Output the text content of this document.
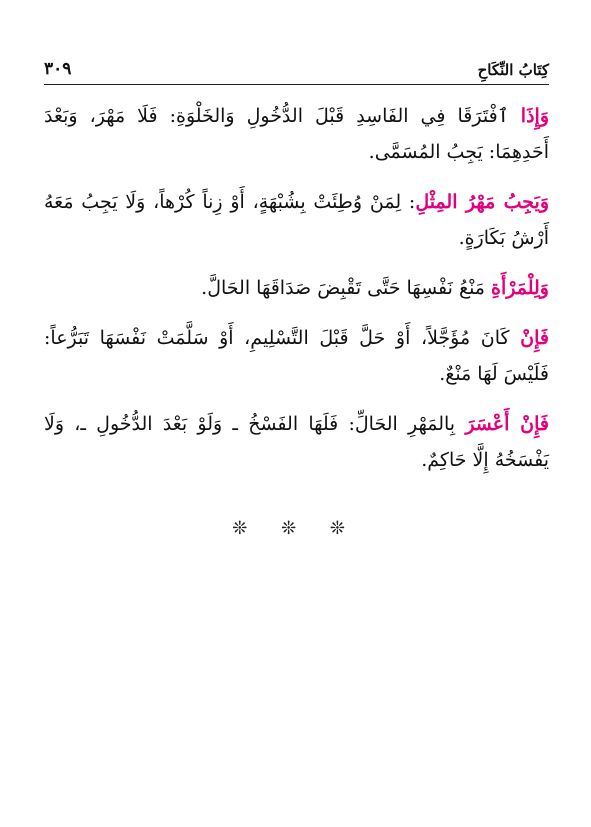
٣٠٩	كِتَابُ النِّكَاحِ

وَإِذَا ٱفْتَرَقَا فِي الفَاسِدِ قَبْلَ الدُّخُولِ وَالخَلْوَةِ: فَلَا مَهْرَ، وَبَعْدَ أَحَدِهِمَا: يَجِبُ المُسَمَّى.

وَيَجِبُ مَهْرُ المِثْلِ: لِمَنْ وُطِئَتْ بِشُبْهَةٍ، أَوْ زِناً كُرْهاً، وَلَا يَجِبُ مَعَهُ أَرْشُ بَكَارَةٍ.

وَلِلْمَرْأَةِ مَنْعُ نَفْسِهَا حَتَّى تَقْبِضَ صَدَاقَهَا الحَالَّ.

فَإِنْ كَانَ مُؤَجَّلاً، أَوْ حَلَّ قَبْلَ التَّسْلِيمِ، أَوْ سَلَّمَتْ نَفْسَهَا تَبَرُّعاً: فَلَيْسَ لَهَا مَنْعٌ.

فَإِنْ أَعْسَرَ بِالمَهْرِ الحَالِّ: فَلَهَا الفَسْخُ ـ وَلَوْ بَعْدَ الدُّخُولِ ـ، وَلَا يَفْسَخُهُ إِلَّا حَاكِمٌ.

❊ ❊ ❊
